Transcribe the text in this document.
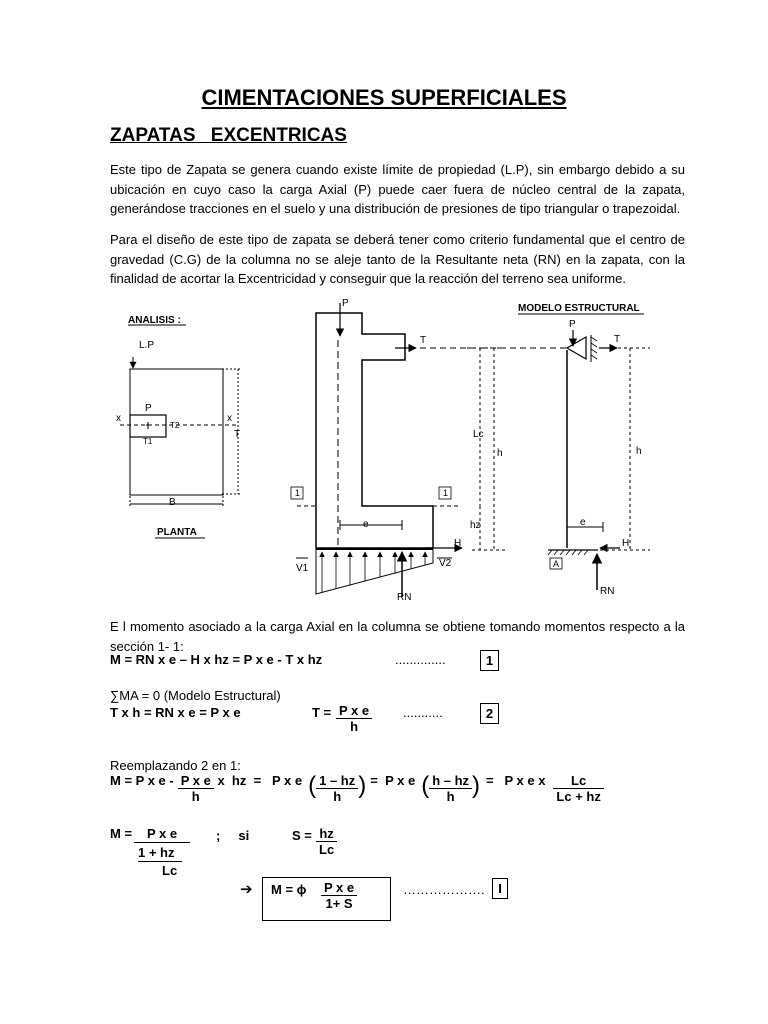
CIMENTACIONES SUPERFICIALES
ZAPATAS EXCENTRICAS
Este tipo de Zapata se genera cuando existe límite de propiedad (L.P), sin embargo debido a su ubicación en cuyo caso la carga Axial (P) puede caer fuera de núcleo central de la zapata, generándose tracciones en el suelo y una distribución de presiones de tipo triangular o trapezoidal.
Para el diseño de este tipo de zapata se deberá tener como criterio fundamental que el centro de gravedad (C.G) de la columna no se aleje tanto de la Resultante neta (RN) en la zapata, con la finalidad de acortar la Excentricidad y conseguir que la reacción del terreno sea uniforme.
ANALISIS :
L.P
P
x	x
T2
T1
T
B
PLANTA
P
T
Lc
h
hz
e
H
1	1
V1	V2
RN
MODELO ESTRUCTURAL
P
T
h
e
H
A
RN
E l momento asociado a la carga Axial en la columna se obtiene tomando momentos respecto a la sección 1- 1:
M = RN x e – H x hz = P x e - T x hz	..............	1
∑MA = 0 (Modelo Estructural)
T x h = RN x e = P x e	$T = \frac{\text{P x e}}{h}$ ...........	2
Reemplazando 2 en 1:
M = P x e - $\frac{\text{P x e}}{h}$ x  hz  =   P x e ( $\frac{1 - hz}{h}$ ) =  P x e ( $\frac{h - hz}{h}$ ) =   P x e x $\frac{Lc}{Lc + hz}$
M =	P x e
1 + hz
Lc
;     si	$S = \frac{hz}{Lc}$
➔ M = ϕ $\frac{\text{P x e}}{1+ S}$	……………….	I
